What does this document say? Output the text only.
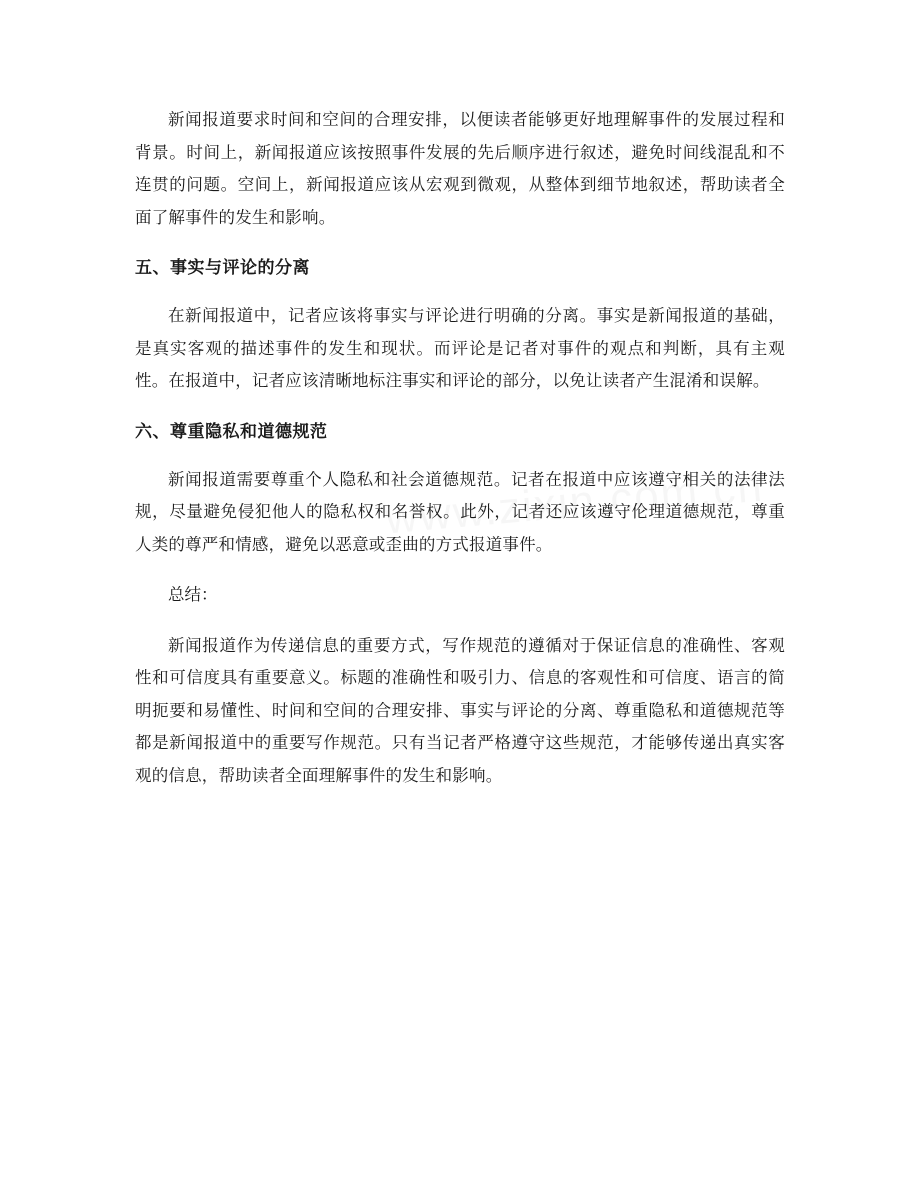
新闻报道要求时间和空间的合理安排，以便读者能够更好地理解事件的发展过程和背景。时间上，新闻报道应该按照事件发展的先后顺序进行叙述，避免时间线混乱和不连贯的问题。空间上，新闻报道应该从宏观到微观，从整体到细节地叙述，帮助读者全面了解事件的发生和影响。

五、事实与评论的分离

在新闻报道中，记者应该将事实与评论进行明确的分离。事实是新闻报道的基础，是真实客观的描述事件的发生和现状。而评论是记者对事件的观点和判断，具有主观性。在报道中，记者应该清晰地标注事实和评论的部分，以免让读者产生混淆和误解。

六、尊重隐私和道德规范

新闻报道需要尊重个人隐私和社会道德规范。记者在报道中应该遵守相关的法律法规，尽量避免侵犯他人的隐私权和名誉权。此外，记者还应该遵守伦理道德规范，尊重人类的尊严和情感，避免以恶意或歪曲的方式报道事件。

总结：

新闻报道作为传递信息的重要方式，写作规范的遵循对于保证信息的准确性、客观性和可信度具有重要意义。标题的准确性和吸引力、信息的客观性和可信度、语言的简明扼要和易懂性、时间和空间的合理安排、事实与评论的分离、尊重隐私和道德规范等都是新闻报道中的重要写作规范。只有当记者严格遵守这些规范，才能够传递出真实客观的信息，帮助读者全面理解事件的发生和影响。
